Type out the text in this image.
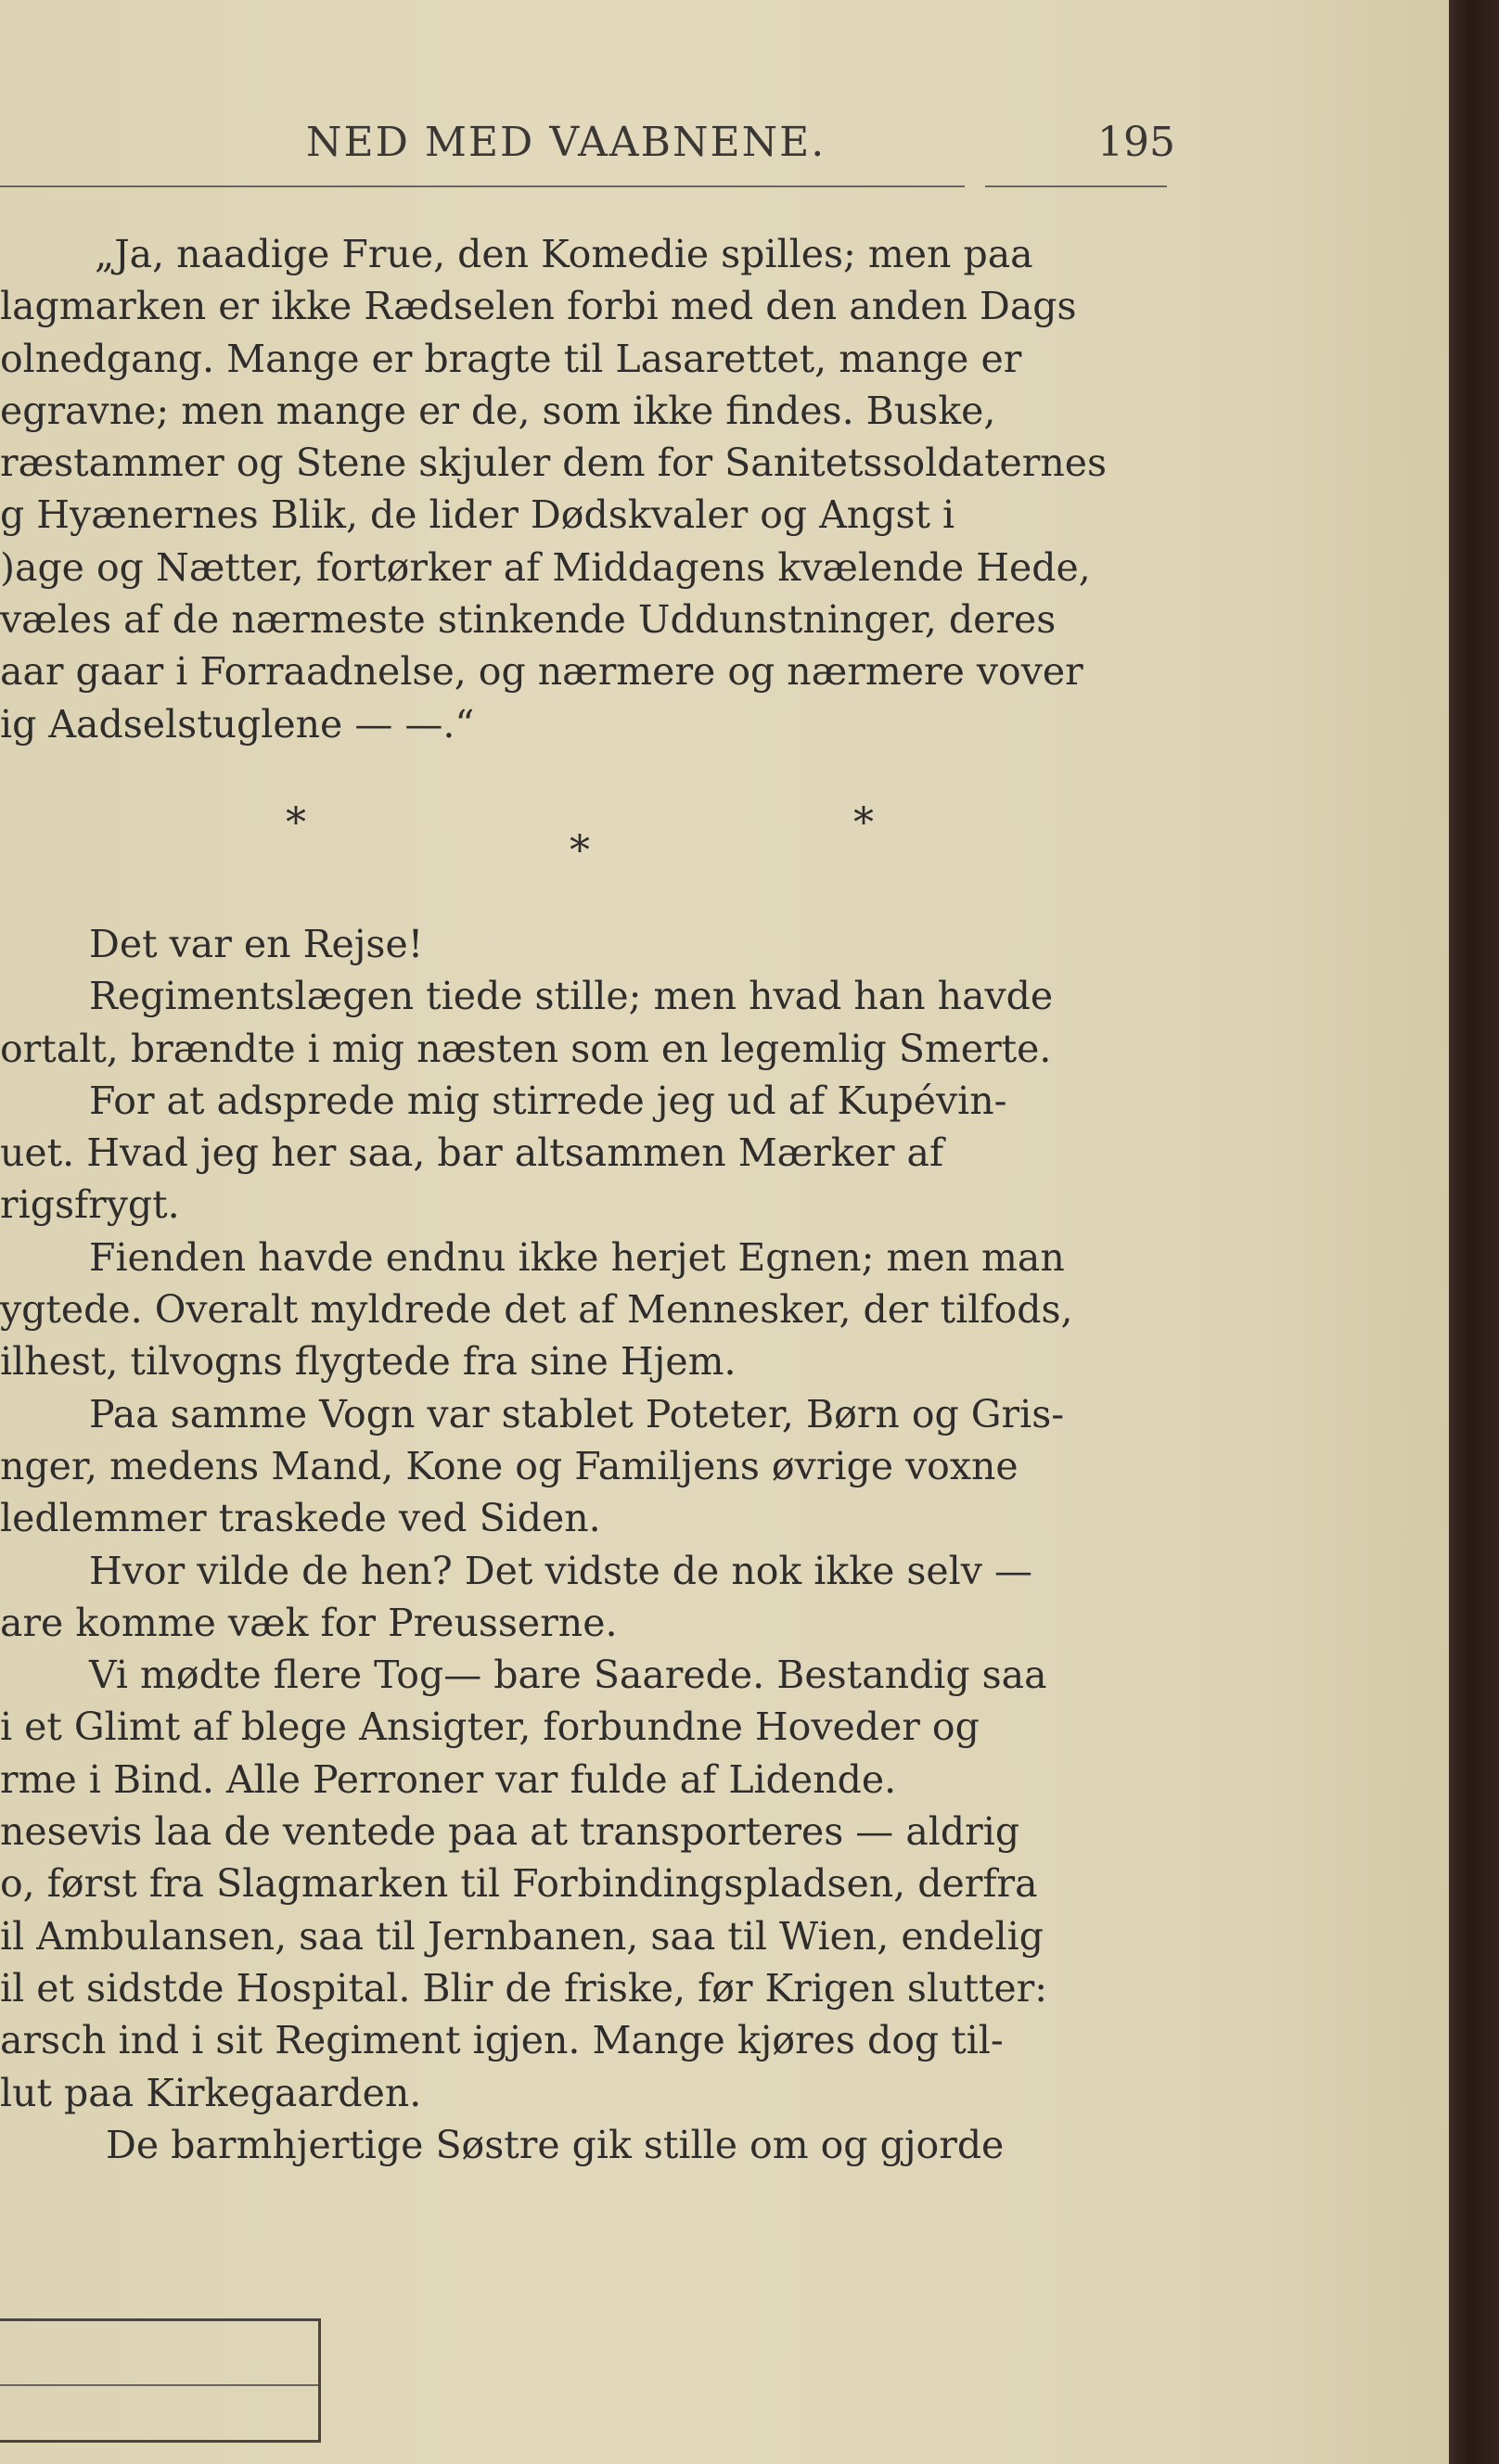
NED MED VAABNENE.	195
„Ja, naadige Frue, den Komedie spilles; men paa
lagmarken er ikke Rædselen forbi med den anden Dags
olnedgang. Mange er bragte til Lasarettet, mange er
egravne; men mange er de, som ikke findes. Buske,
ræstammer og Stene skjuler dem for Sanitetssoldaternes
g Hyænernes Blik, de lider Dødskvaler og Angst i
)age og Nætter, fortørker af Middagens kvælende Hede,
væles af de nærmeste stinkende Uddunstninger, deres
aar gaar i Forraadnelse, og nærmere og nærmere vover
ig Aadselstuglene — —.“
*	*
*
Det var en Rejse!
Regimentslægen tiede stille; men hvad han havde
ortalt, brændte i mig næsten som en legemlig Smerte.
For at adsprede mig stirrede jeg ud af Kupévin-
uet. Hvad jeg her saa, bar altsammen Mærker af
rigsfrygt.
Fienden havde endnu ikke herjet Egnen; men man
ygtede. Overalt myldrede det af Mennesker, der tilfods,
ilhest, tilvogns flygtede fra sine Hjem.
Paa samme Vogn var stablet Poteter, Børn og Gris-
nger, medens Mand, Kone og Familjens øvrige voxne
ledlemmer traskede ved Siden.
Hvor vilde de hen? Det vidste de nok ikke selv —
are komme væk for Preusserne.
Vi mødte flere Tog— bare Saarede. Bestandig saa
i et Glimt af blege Ansigter, forbundne Hoveder og
rme i Bind. Alle Perroner var fulde af Lidende.
nesevis laa de ventede paa at transporteres — aldrig
o, først fra Slagmarken til Forbindingspladsen, derfra
il Ambulansen, saa til Jernbanen, saa til Wien, endelig
il et sidstde Hospital. Blir de friske, før Krigen slutter:
arsch ind i sit Regiment igjen. Mange kjøres dog til-
lut paa Kirkegaarden.
De barmhjertige Søstre gik stille om og gjorde
